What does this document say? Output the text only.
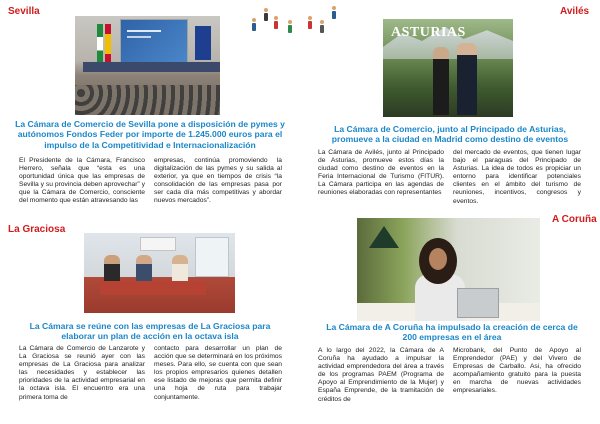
Sevilla
La Cámara de Comercio de Sevilla pone a disposición de pymes y autónomos Fondos Feder por importe de 1.245.000 euros para el impulso de la Competitividad e Internacionalización
El Presidente de la Cámara, Francisco Herrero, señala que “esta es una oportunidad única que las empresas de Sevilla y su provincia deben aprovechar” y que la Cámara de Comercio, consciente del momento que están atravesando las
empresas, continúa promoviendo la digitalización de las pymes y su salida al exterior, ya que en tiempos de crisis “la consolidación de las empresas pasa por ser cada día más competitivas y abordar nuevos mercados”.
Avilés
ASTURIAS
La Cámara de Comercio, junto al Principado de Asturias, promueve a la ciudad en Madrid como destino de eventos
La Cámara de Avilés, junto al Principado de Asturias, promueve estos días la ciudad como destino de eventos en la Feria Internacional de Turismo (FITUR). La Cámara participa en las agendas de reuniones elaboradas con representantes
del mercado de eventos, que tienen lugar bajo el paraguas del Principado de Asturias. La idea de todos es propiciar un entorno para identificar potenciales clientes en el ámbito del turismo de reuniones, incentivos, congresos y eventos.
La Graciosa
La Cámara se reúne con las empresas de La Graciosa para elaborar un plan de acción en la octava isla
La Cámara de Comercio de Lanzarote y La Graciosa se reunió ayer con las empresas de La Graciosa para analizar las necesidades y establecer las prioridades de la actividad empresarial en la octava isla. El encuentro era una primera toma de
contacto para desarrollar un plan de acción que se determinará en los próximos meses. Para ello, se cuenta con que sean los propios empresarios quienes detallen ese listado de mejoras que permita definir una hoja de ruta para trabajar conjuntamente.
A Coruña
La Cámara de A Coruña ha impulsado la creación de cerca de 200 empresas en el área
A lo largo del 2022, la Cámara de A Coruña ha ayudado a impulsar la actividad emprendedora del área a través de los programas PAEM (Programa de Apoyo al Emprendimiento de la Mujer) y España Emprende, de la tramitación de créditos de
Microbank, del Punto de Apoyo al Emprendedor (PAE) y del Vivero de Empresas de Carballo. Asi, ha ofrecido acompañamiento gratuito para la puesta en marcha de nuevas actividades empresariales.
